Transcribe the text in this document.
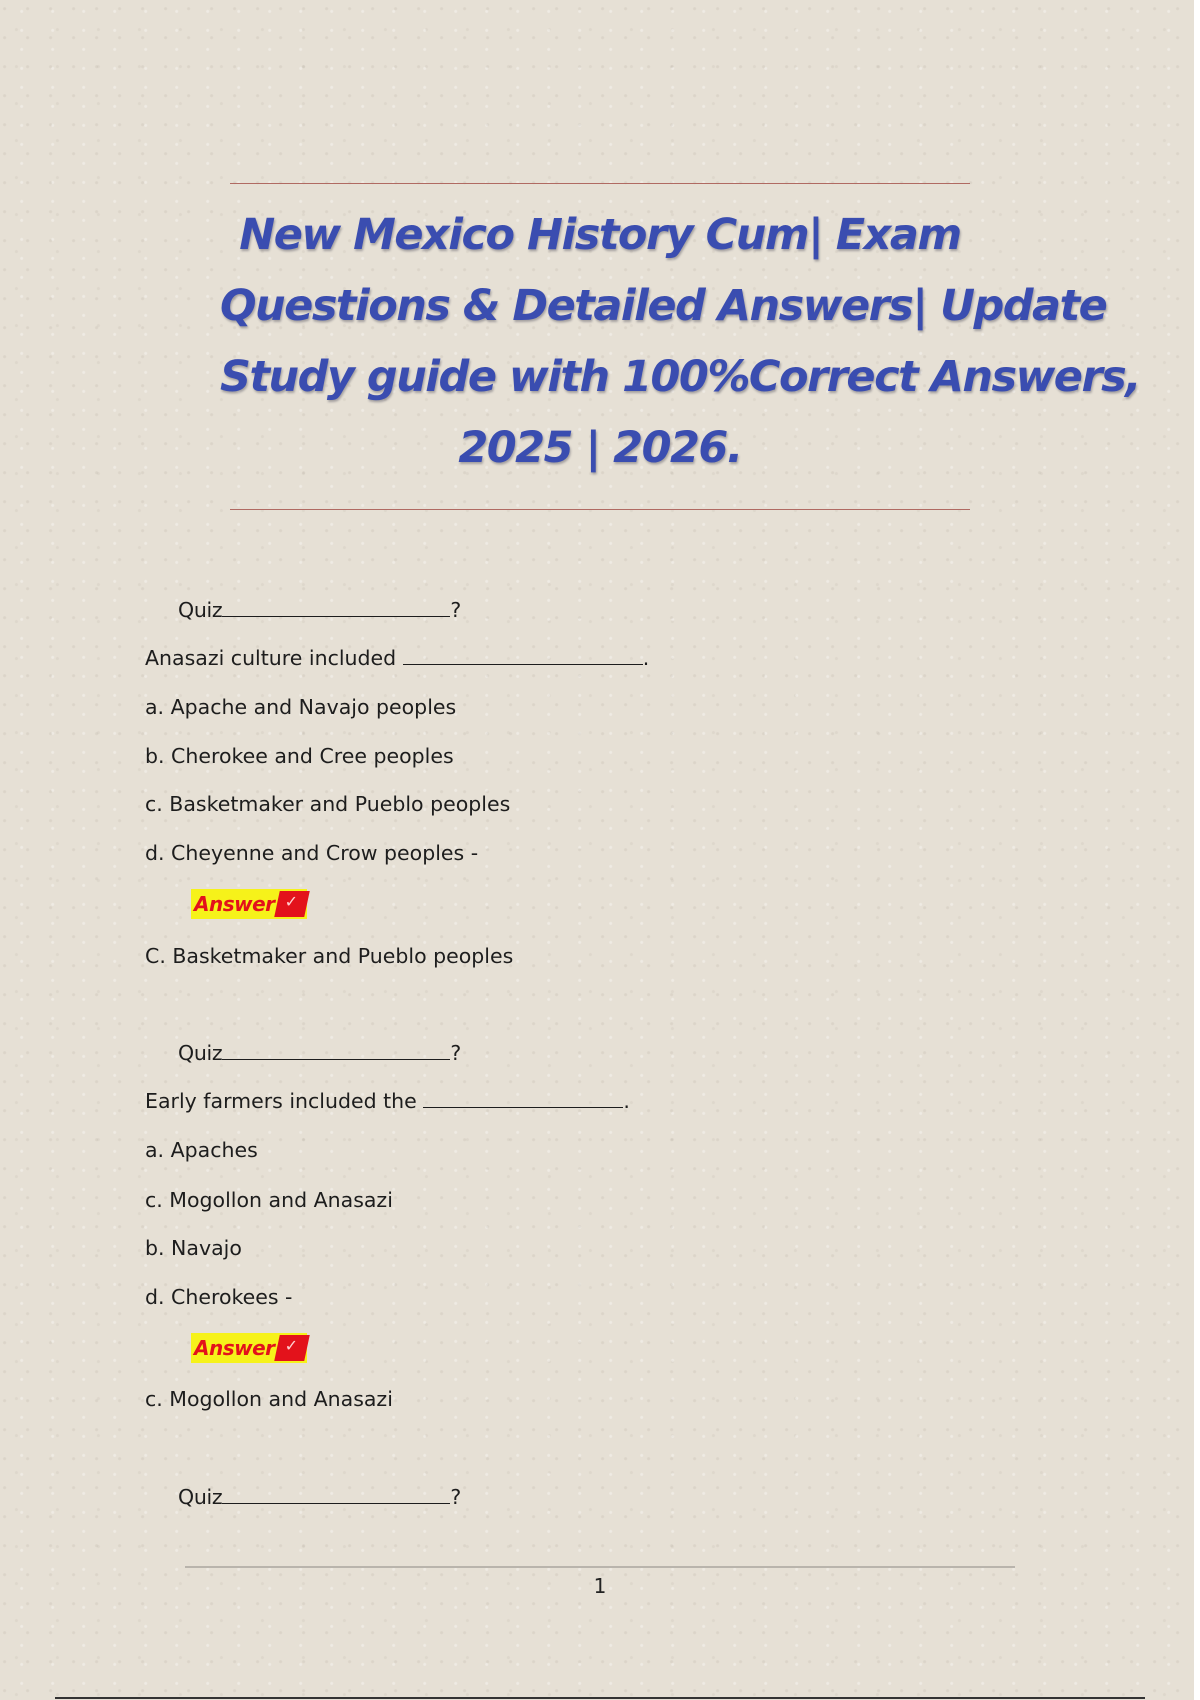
New Mexico History Cum| Exam
Questions & Detailed Answers| Update
Study guide with 100%Correct Answers,
2025 | 2026.
Quiz	?
Anasazi culture included	.
a. Apache and Navajo peoples
b. Cherokee and Cree peoples
c. Basketmaker and Pueblo peoples
d. Cheyenne and Crow peoples -
Answer ✓
C. Basketmaker and Pueblo peoples
Quiz	?
Early farmers included the	.
a. Apaches
c. Mogollon and Anasazi
b. Navajo
d. Cherokees -
Answer ✓
c. Mogollon and Anasazi
Quiz	?
1
